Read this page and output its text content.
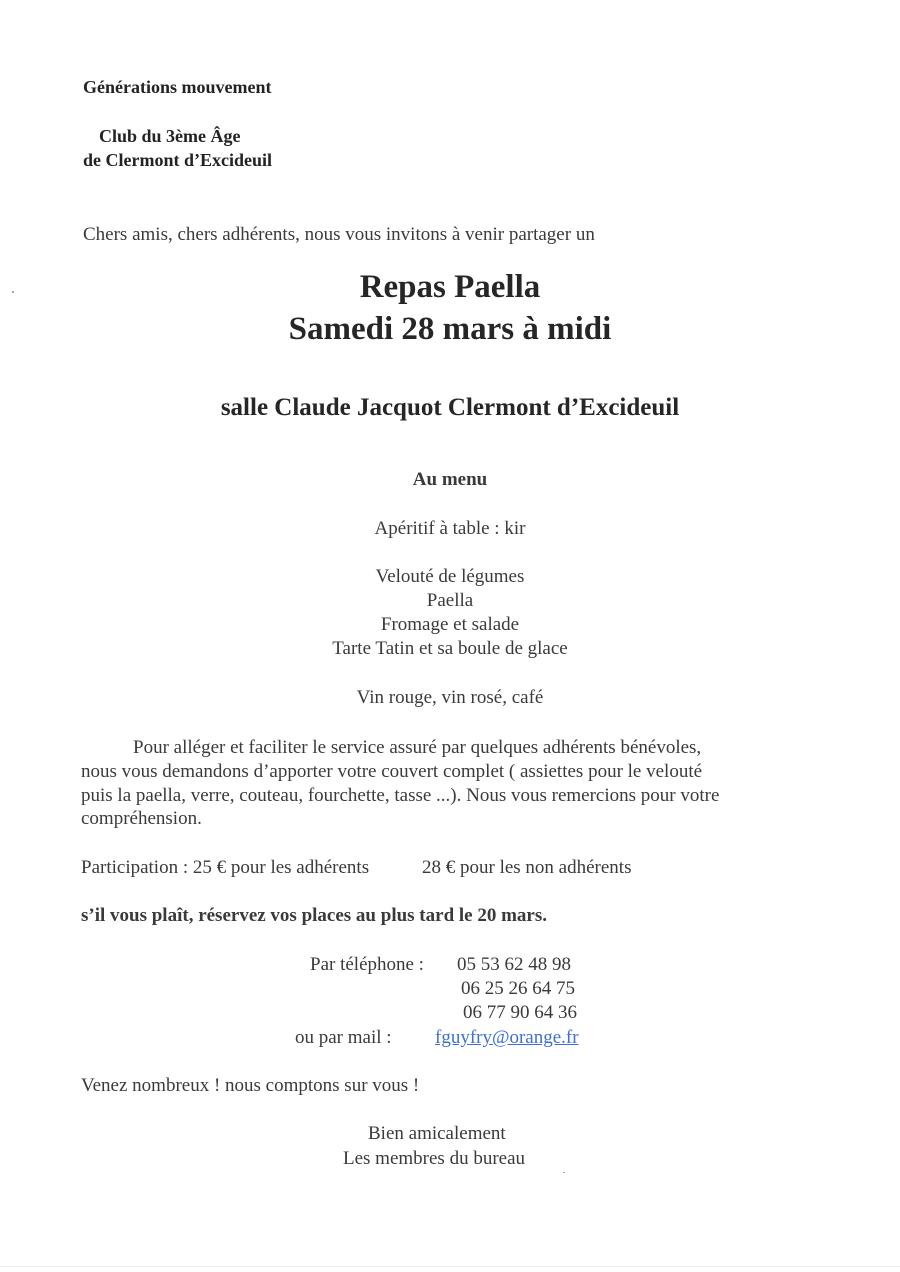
Générations mouvement
Club du 3ème Âge
de Clermont d’Excideuil
Chers amis, chers adhérents, nous vous invitons à venir partager un
Repas Paella
Samedi 28 mars à midi
salle Claude Jacquot Clermont d’Excideuil
Au menu
Apéritif à table : kir
Velouté de légumes
Paella
Fromage et salade
Tarte Tatin et sa boule de glace
Vin rouge, vin rosé, café
Pour alléger et faciliter le service assuré par quelques adhérents bénévoles,
nous vous demandons d’apporter votre couvert complet ( assiettes pour le velouté
puis la paella, verre, couteau, fourchette, tasse ...). Nous vous remercions pour votre
compréhension.
Participation : 25 € pour les adhérents	28 € pour les non adhérents
s’il vous plaît, réservez vos places au plus tard le 20 mars.
Par téléphone : 05 53 62 48 98
06 25 26 64 75
06 77 90 64 36
ou par mail : fguyfry@orange.fr
Venez nombreux ! nous comptons sur vous !
Bien amicalement
Les membres du bureau
